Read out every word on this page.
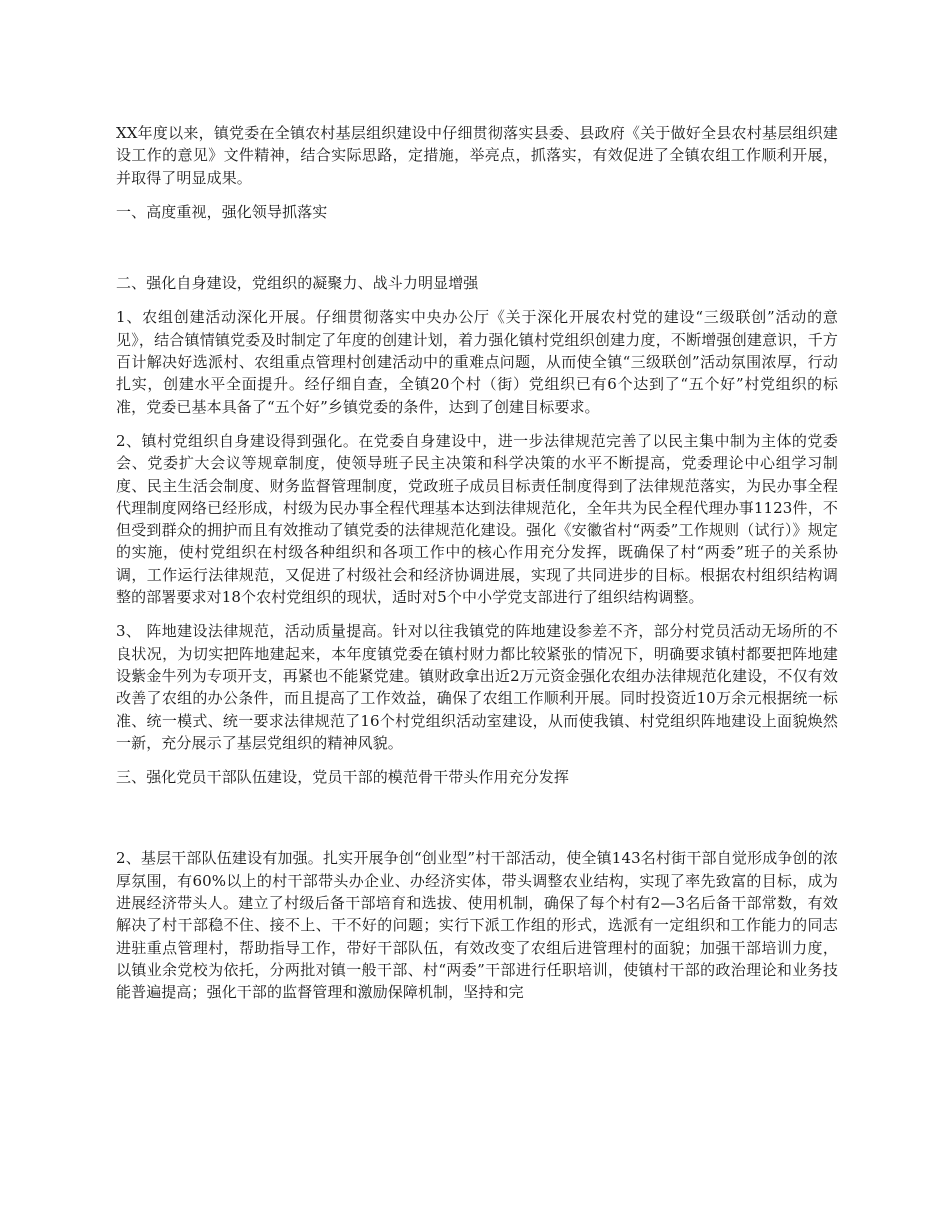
XX年度以来，镇党委在全镇农村基层组织建设中仔细贯彻落实县委、县政府《关于做好全县农村基层组织建设工作的意见》文件精神，结合实际思路，定措施，举亮点，抓落实，有效促进了全镇农组工作顺利开展，并取得了明显成果。

一、高度重视，强化领导抓落实

二、强化自身建设，党组织的凝聚力、战斗力明显增强

1、农组创建活动深化开展。仔细贯彻落实中央办公厅《关于深化开展农村党的建设“三级联创”活动的意见》，结合镇情镇党委及时制定了年度的创建计划，着力强化镇村党组织创建力度，不断增强创建意识，千方百计解决好选派村、农组重点管理村创建活动中的重难点问题，从而使全镇“三级联创”活动氛围浓厚，行动扎实，创建水平全面提升。经仔细自查，全镇20个村（街）党组织已有6个达到了“五个好”村党组织的标准，党委已基本具备了“五个好”乡镇党委的条件，达到了创建目标要求。

2、镇村党组织自身建设得到强化。在党委自身建设中，进一步法律规范完善了以民主集中制为主体的党委会、党委扩大会议等规章制度，使领导班子民主决策和科学决策的水平不断提高，党委理论中心组学习制度、民主生活会制度、财务监督管理制度，党政班子成员目标责任制度得到了法律规范落实，为民办事全程代理制度网络已经形成，村级为民办事全程代理基本达到法律规范化，全年共为民全程代理办事1123件，不但受到群众的拥护而且有效推动了镇党委的法律规范化建设。强化《安徽省村“两委”工作规则（试行）》规定的实施，使村党组织在村级各种组织和各项工作中的核心作用充分发挥，既确保了村“两委”班子的关系协调，工作运行法律规范，又促进了村级社会和经济协调进展，实现了共同进步的目标。根据农村组织结构调整的部署要求对18个农村党组织的现状，适时对5个中小学党支部进行了组织结构调整。

3、 阵地建设法律规范，活动质量提高。针对以往我镇党的阵地建设参差不齐，部分村党员活动无场所的不良状况，为切实把阵地建起来，本年度镇党委在镇村财力都比较紧张的情况下，明确要求镇村都要把阵地建设紫金牛列为专项开支，再紧也不能紧党建。镇财政拿出近2万元资金强化农组办法律规范化建设，不仅有效改善了农组的办公条件，而且提高了工作效益，确保了农组工作顺利开展。同时投资近10万余元根据统一标准、统一模式、统一要求法律规范了16个村党组织活动室建设，从而使我镇、村党组织阵地建设上面貌焕然一新，充分展示了基层党组织的精神风貌。

三、强化党员干部队伍建设，党员干部的模范骨干带头作用充分发挥

2、基层干部队伍建设有加强。扎实开展争创“创业型”村干部活动，使全镇143名村街干部自觉形成争创的浓厚氛围，有60%以上的村干部带头办企业、办经济实体，带头调整农业结构，实现了率先致富的目标，成为进展经济带头人。建立了村级后备干部培育和选拔、使用机制，确保了每个村有2—3名后备干部常数，有效解决了村干部稳不住、接不上、干不好的问题；实行下派工作组的形式，选派有一定组织和工作能力的同志进驻重点管理村，帮助指导工作，带好干部队伍，有效改变了农组后进管理村的面貌；加强干部培训力度，以镇业余党校为依托，分两批对镇一般干部、村“两委”干部进行任职培训，使镇村干部的政治理论和业务技能普遍提高；强化干部的监督管理和激励保障机制，坚持和完
